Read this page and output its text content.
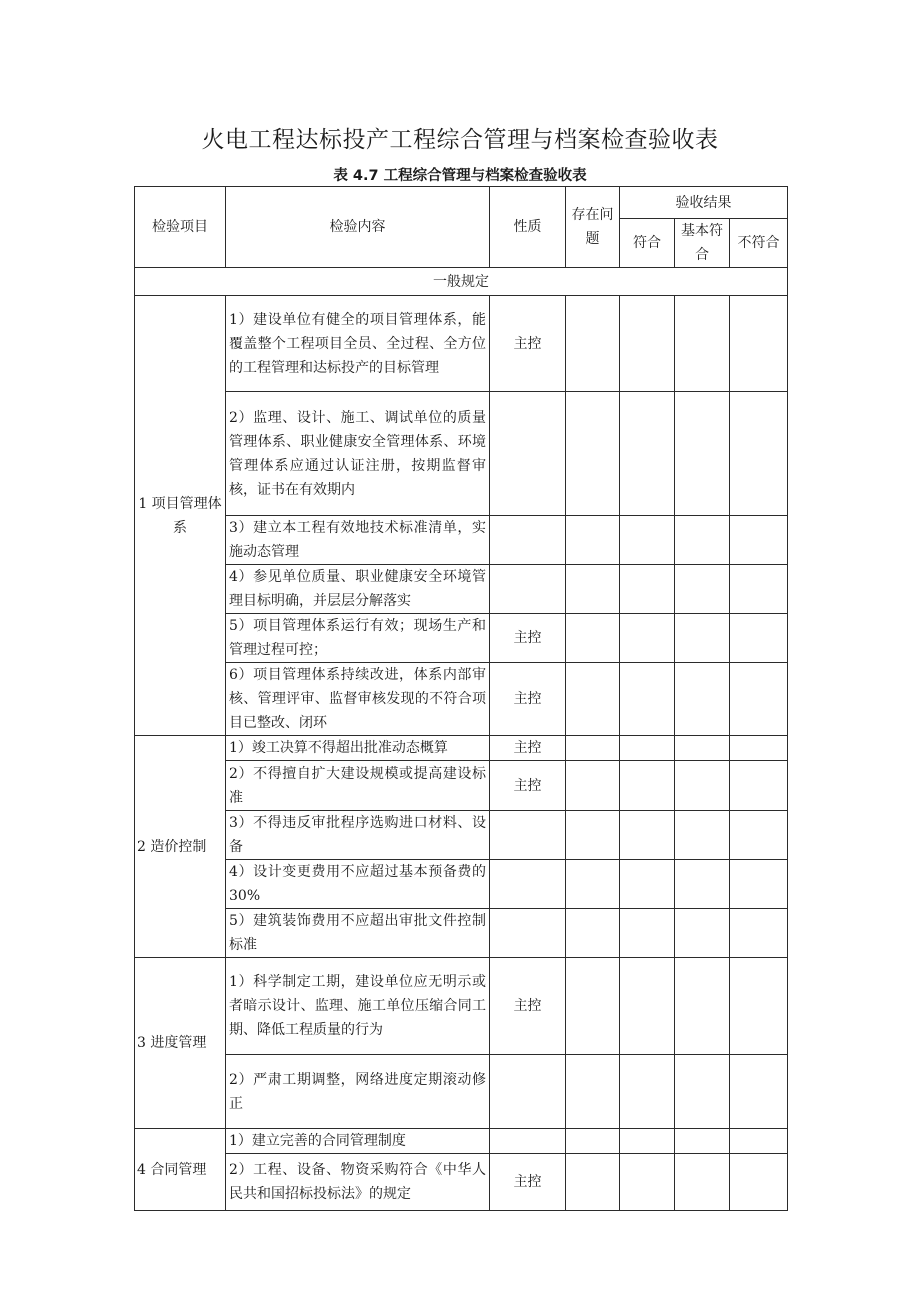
火电工程达标投产工程综合管理与档案检查验收表
表 4.7 工程综合管理与档案检查验收表
检验项目	检验内容	性质	存在问题	验收结果		
				符合	基本符合	不符合
一般规定						
1 项目管理体系	1）建设单位有健全的项目管理体系，能覆盖整个工程项目全员、全过程、全方位的工程管理和达标投产的目标管理	主控				
	2）监理、设计、施工、调试单位的质量管理体系、职业健康安全管理体系、环境管理体系应通过认证注册，按期监督审核，证书在有效期内					
	3）建立本工程有效地技术标准清单，实施动态管理					
	4）参见单位质量、职业健康安全环境管理目标明确，并层层分解落实					
	5）项目管理体系运行有效；现场生产和管理过程可控；	主控				
	6）项目管理体系持续改进，体系内部审核、管理评审、监督审核发现的不符合项目已整改、闭环	主控				
2 造价控制	1）竣工决算不得超出批准动态概算	主控				
	2）不得擅自扩大建设规模或提高建设标准	主控				
	3）不得违反审批程序选购进口材料、设备					
	4）设计变更费用不应超过基本预备费的 30%					
	5）建筑装饰费用不应超出审批文件控制标准					
3 进度管理	1）科学制定工期，建设单位应无明示或者暗示设计、监理、施工单位压缩合同工期、降低工程质量的行为	主控				
	2）严肃工期调整，网络进度定期滚动修正					
4 合同管理	1）建立完善的合同管理制度					
	2）工程、设备、物资采购符合《中华人民共和国招标投标法》的规定	主控				
